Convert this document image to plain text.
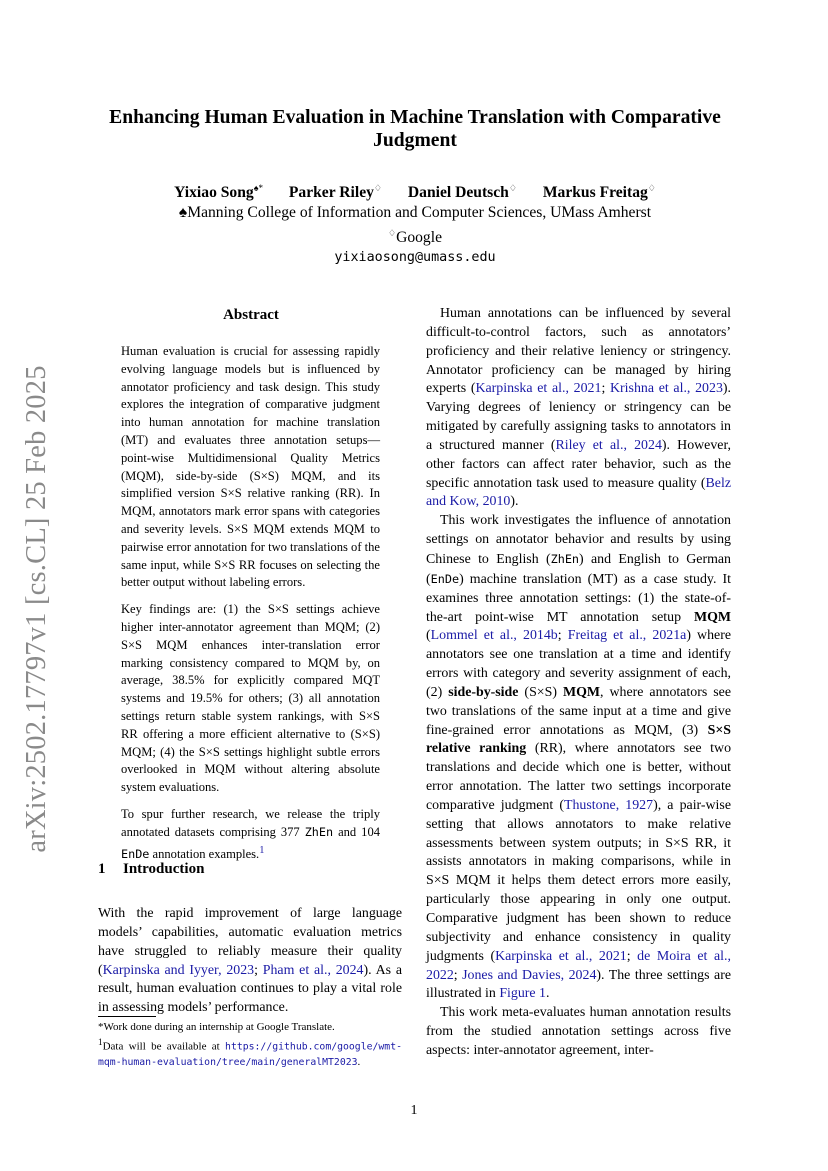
arXiv:2502.17797v1 [cs.CL] 25 Feb 2025
Enhancing Human Evaluation in Machine Translation with Comparative Judgment
Yixiao Song♠* Parker Riley♢ Daniel Deutsch♢ Markus Freitag♢
♠Manning College of Information and Computer Sciences, UMass Amherst
♢Google
yixiaosong@umass.edu
Abstract

Human evaluation is crucial for assessing rapidly evolving language models but is influenced by annotator proficiency and task design. This study explores the integration of comparative judgment into human annotation for machine translation (MT) and evaluates three annotation setups—point-wise Multidimensional Quality Metrics (MQM), side-by-side (S×S) MQM, and its simplified version S×S relative ranking (RR). In MQM, annotators mark error spans with categories and severity levels. S×S MQM extends MQM to pairwise error annotation for two translations of the same input, while S×S RR focuses on selecting the better output without labeling errors.

Key findings are: (1) the S×S settings achieve higher inter-annotator agreement than MQM; (2) S×S MQM enhances inter-translation error marking consistency compared to MQM by, on average, 38.5% for explicitly compared MQT systems and 19.5% for others; (3) all annotation settings return stable system rankings, with S×S RR offering a more efficient alternative to (S×S) MQM; (4) the S×S settings highlight subtle errors overlooked in MQM without altering absolute system evaluations.

To spur further research, we release the triply annotated datasets comprising 377 ZhEn and 104 EnDe annotation examples.$^1$

1 Introduction

With the rapid improvement of large language models’ capabilities, automatic evaluation metrics have struggled to reliably measure their quality (Karpinska and Iyyer, 2023; Pham et al., 2024). As a result, human evaluation continues to play a vital role in assessing models’ performance.

*Work done during an internship at Google Translate.

$^1$Data will be available at https://github.com/google/wmt-mqm-human-evaluation/tree/main/generalMT2023.

Human annotations can be influenced by several difficult-to-control factors, such as annotators’ proficiency and their relative leniency or stringency. Annotator proficiency can be managed by hiring experts (Karpinska et al., 2021; Krishna et al., 2023). Varying degrees of leniency or stringency can be mitigated by carefully assigning tasks to annotators in a structured manner (Riley et al., 2024). However, other factors can affect rater behavior, such as the specific annotation task used to measure quality (Belz and Kow, 2010).

This work investigates the influence of annotation settings on annotator behavior and results by using Chinese to English (ZhEn) and English to German (EnDe) machine translation (MT) as a case study. It examines three annotation settings: (1) the state-of-the-art point-wise MT annotation setup MQM (Lommel et al., 2014b; Freitag et al., 2021a) where annotators see one translation at a time and identify errors with category and severity assignment of each, (2) side-by-side (S×S) MQM, where annotators see two translations of the same input at a time and give fine-grained error annotations as MQM, (3) S×S relative ranking (RR), where annotators see two translations and decide which one is better, without error annotation. The latter two settings incorporate comparative judgment (Thustone, 1927), a pair-wise setting that allows annotators to make relative assessments between system outputs; in S×S RR, it assists annotators in making comparisons, while in S×S MQM it helps them detect errors more easily, particularly those appearing in only one output. Comparative judgment has been shown to reduce subjectivity and enhance consistency in quality judgments (Karpinska et al., 2021; de Moira et al., 2022; Jones and Davies, 2024). The three settings are illustrated in Figure 1.

This work meta-evaluates human annotation results from the studied annotation settings across five aspects: inter-annotator agreement, inter-

1
